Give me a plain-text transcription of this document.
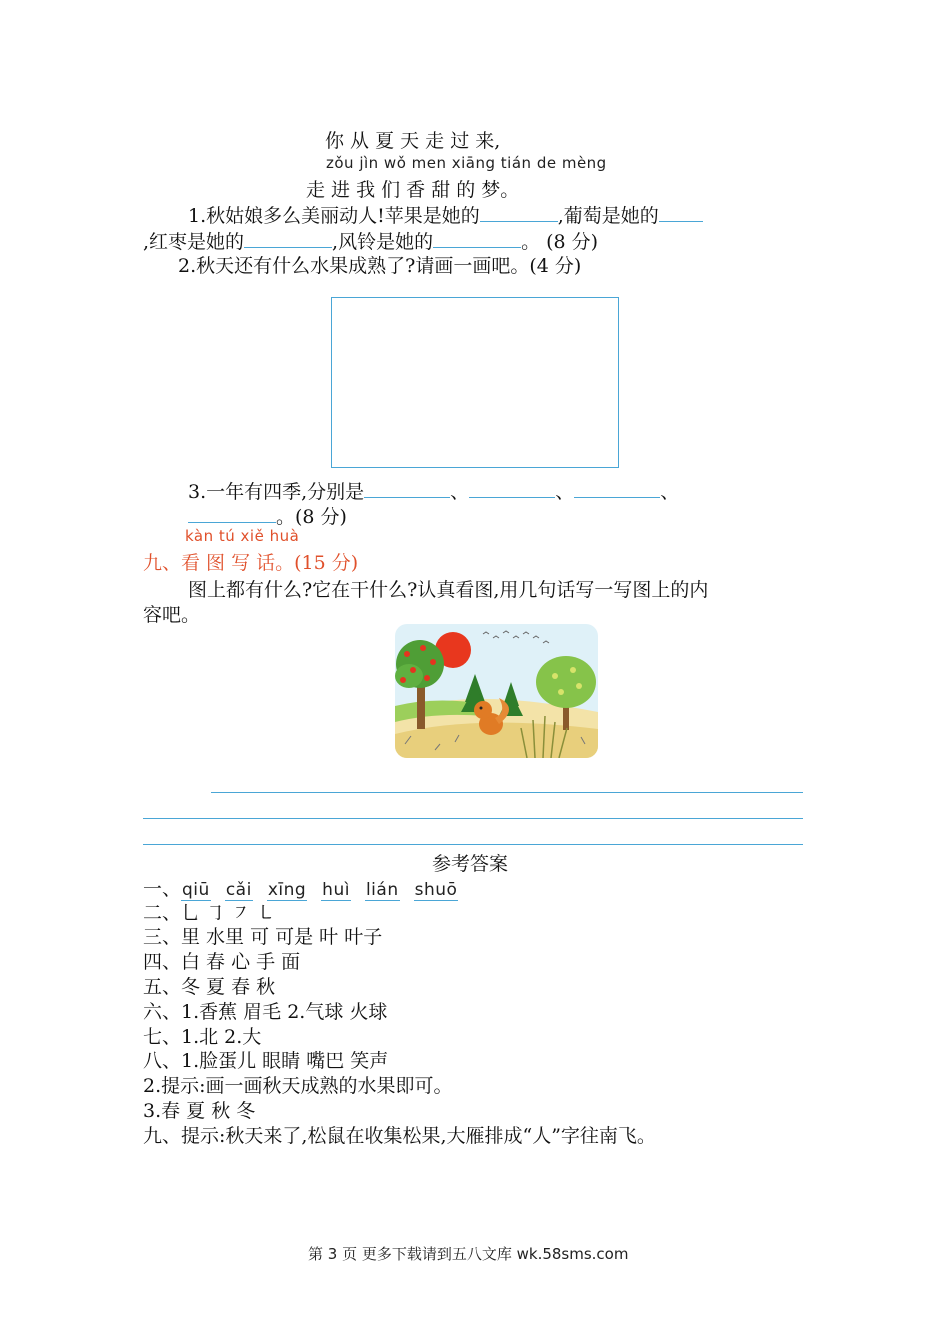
你 从 夏 天 走 过 来,
zǒu jìn wǒ men xiāng tián de mèng
走 进 我 们 香 甜 的 梦。
1.秋姑娘多么美丽动人!苹果是她的	,葡萄是她的
,红枣是她的	,风铃是她的	。 (8 分)
2.秋天还有什么水果成熟了?请画一画吧。(4 分)
3.一年有四季,分别是	、	、	、
。(8 分)
kàn tú xiě huà
九、看 图 写 话。(15 分)
图上都有什么?它在干什么?认真看图,用几句话写一写图上的内
容吧。
参考答案
一、qiū cǎi xīng huì lián shuō
二、乚 ㇆ ㇇ ㇄
三、里 水里 可 可是 叶 叶子
四、白 春 心 手 面
五、冬 夏 春 秋
六、1.香蕉 眉毛 2.气球 火球
七、1.北 2.大
八、1.脸蛋儿 眼睛 嘴巴 笑声
2.提示:画一画秋天成熟的水果即可。
3.春 夏 秋 冬
九、提示:秋天来了,松鼠在收集松果,大雁排成“人”字往南飞。
第 3 页 更多下载请到五八文库 wk.58sms.com
